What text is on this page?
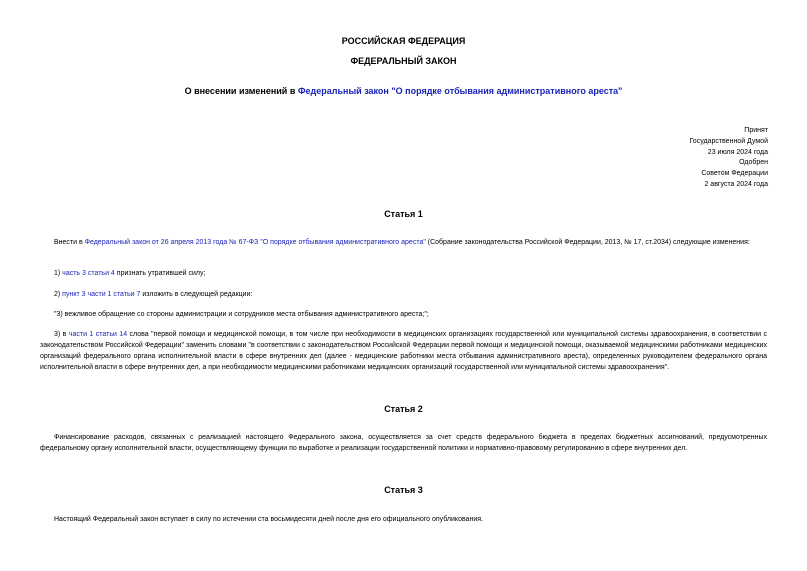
РОССИЙСКАЯ ФЕДЕРАЦИЯ
ФЕДЕРАЛЬНЫЙ ЗАКОН
О внесении изменений в Федеральный закон "О порядке отбывания административного ареста"
Принят
Государственной Думой
23 июля 2024 года
Одобрен
Советом Федерации
2 августа 2024 года
Статья 1
Внести в Федеральный закон от 26 апреля 2013 года № 67-ФЗ "О порядке отбывания административного ареста" (Собрание законодательства Российской Федерации, 2013, № 17, ст.2034) следующие изменения:
1) часть 3 статьи 4 признать утратившей силу;
2) пункт 3 части 1 статьи 7 изложить в следующей редакции:
"3) вежливое обращение со стороны администрации и сотрудников места отбывания административного ареста;";
3) в части 1 статьи 14 слова "первой помощи и медицинской помощи, в том числе при необходимости в медицинских организациях государственной или муниципальной системы здравоохранения, в соответствии с законодательством Российской Федерации" заменить словами "в соответствии с законодательством Российской Федерации первой помощи и медицинской помощи, оказываемой медицинскими работниками медицинских организаций федерального органа исполнительной власти в сфере внутренних дел (далее - медицинские работники места отбывания административного ареста), определенных руководителем федерального органа исполнительной власти в сфере внутренних дел, а при необходимости медицинскими работниками медицинских организаций государственной или муниципальной системы здравоохранения".
Статья 2
Финансирование расходов, связанных с реализацией настоящего Федерального закона, осуществляется за счет средств федерального бюджета в пределах бюджетных ассигнований, предусмотренных федеральному органу исполнительной власти, осуществляющему функции по выработке и реализации государственной политики и нормативно-правовому регулированию в сфере внутренних дел.
Статья 3
Настоящий Федеральный закон вступает в силу по истечении ста восьмидесяти дней после дня его официального опубликования.
